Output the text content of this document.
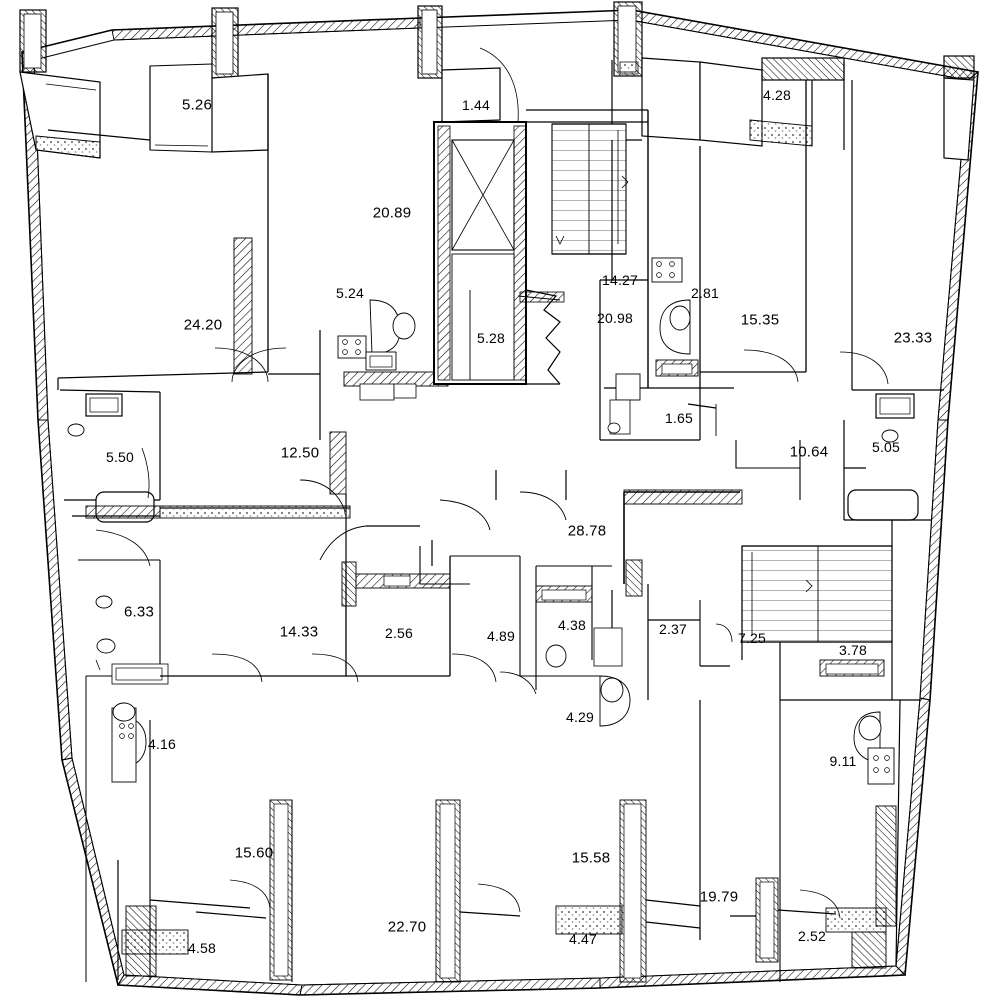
5.26	1.44
4.28
20.89
24.20
5.24
5.28
14.27
2.81
15.35
23.33
20.98
1.65
5.50	12.50	10.64	5.05
28.78
6.33
14.33	2.56	4.89
4.38	2.37
7.25
3.78
4.29
4.16
9.11
15.60	15.58
19.79
22.70
4.47
4.58
2.52
